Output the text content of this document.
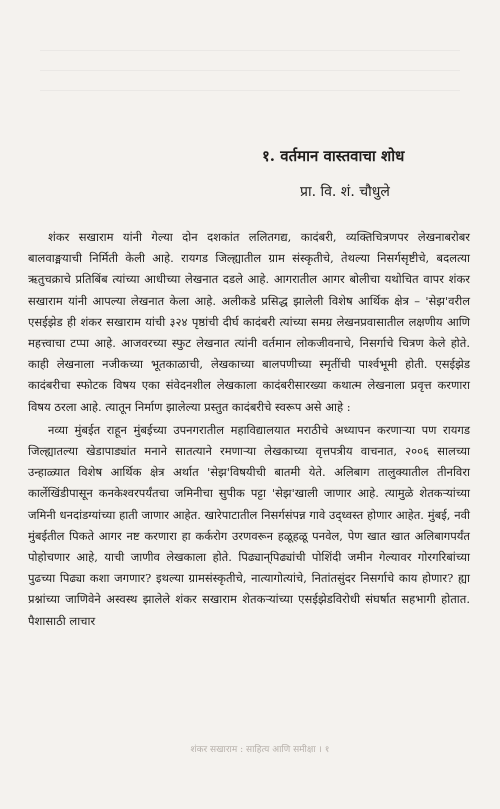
१. वर्तमान वास्तवाचा शोध
प्रा. वि. शं. चौधुले

शंकर सखाराम यांनी गेल्या दोन दशकांत ललितगद्य, कादंबरी, व्यक्तिचित्रणपर लेखनाबरोबर बालवाङ्मयाची निर्मिती केली आहे. रायगड जिल्ह्यातील ग्राम संस्कृतीचे, तेथल्या निसर्गसृष्टीचे, बदलत्या ऋतुचक्राचे प्रतिबिंब त्यांच्या आधीच्या लेखनात दडले आहे. आगरातील आगर बोलीचा यथोचित वापर शंकर सखाराम यांनी आपल्या लेखनात केला आहे. अलीकडे प्रसिद्ध झालेली विशेष आर्थिक क्षेत्र – 'सेझ'वरील एसईझेड ही शंकर सखाराम यांची ३२४ पृष्ठांची दीर्घ कादंबरी त्यांच्या समग्र लेखनप्रवासातील लक्षणीय आणि महत्त्वाचा टप्पा आहे. आजवरच्या स्फुट लेखनात त्यांनी वर्तमान लोकजीवनाचे, निसर्गाचे चित्रण केले होते. काही लेखनाला नजीकच्या भूतकाळाची, लेखकाच्या बालपणीच्या स्मृतींची पार्श्वभूमी होती. एसईझेड कादंबरीचा स्फोटक विषय एका संवेदनशील लेखकाला कादंबरीसारख्या कथात्म लेखनाला प्रवृत्त करणारा विषय ठरला आहे. त्यातून निर्माण झालेल्या प्रस्तुत कादंबरीचे स्वरूप असे आहे :

नव्या मुंबईत राहून मुंबईच्या उपनगरातील महाविद्यालयात मराठीचे अध्यापन करणाऱ्या पण रायगड जिल्ह्यातल्या खेडापाड्यांत मनाने सातत्याने रमणाऱ्या लेखकाच्या वृत्तपत्रीय वाचनात, २००६ सालच्या उन्हाळ्यात विशेष आर्थिक क्षेत्र अर्थात 'सेझ'विषयीची बातमी येते. अलिबाग तालुक्यातील तीनविरा कार्लेखिंडीपासून कनकेश्वरपर्यंतचा जमिनीचा सुपीक पट्टा 'सेझ'खाली जाणार आहे. त्यामुळे शेतकऱ्यांच्या जमिनी धनदांडग्यांच्या हाती जाणार आहेत. खारेपाटातील निसर्गसंपन्न गावे उद्ध्वस्त होणार आहेत. मुंबई, नवी मुंबईतील पिकते आगर नष्ट करणारा हा कर्करोग उरणवरून हळूहळू पनवेल, पेण खात खात अलिबागपर्यंत पोहोचणार आहे, याची जाणीव लेखकाला होते. पिढ्यान्‌पिढ्यांची पोशिंदी जमीन गेल्यावर गोरगरिबांच्या पुढच्या पिढ्या कशा जगणार? इथल्या ग्रामसंस्कृतीचे, नात्यागोत्यांचे, नितांतसुंदर निसर्गाचे काय होणार? ह्या प्रश्नांच्या जाणिवेने अस्वस्थ झालेले शंकर सखाराम शेतकऱ्यांच्या एसईझेडविरोधी संघर्षात सहभागी होतात. पैशासाठी लाचार

शंकर सखाराम : साहित्य आणि समीक्षा । १
